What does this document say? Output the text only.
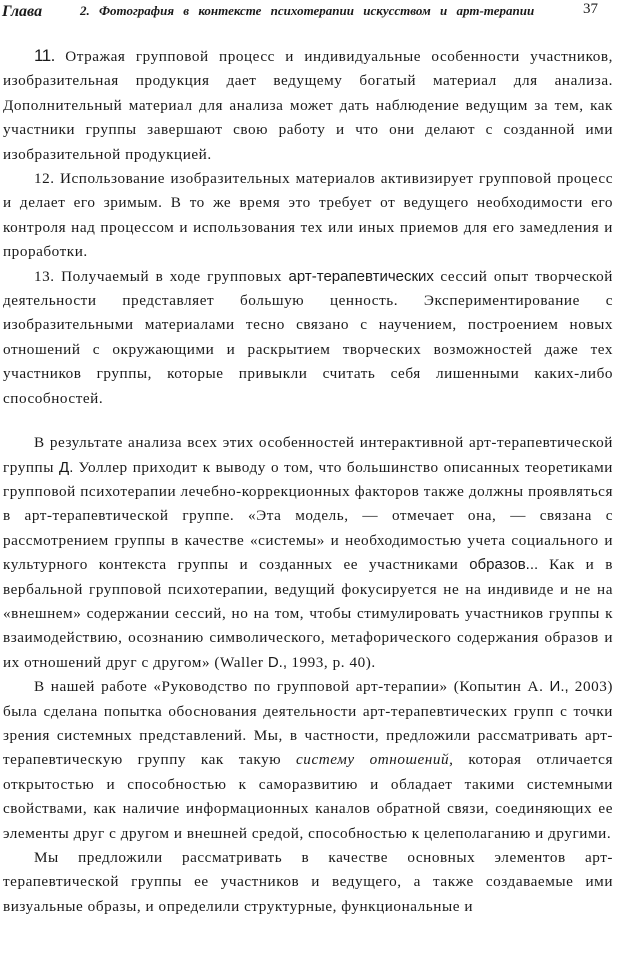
Глава	2. Фотография в контексте психотерапии искусством и арт-терапии	37

11. Отражая групповой процесс и индивидуальные особенности участников, изобразительная продукция дает ведущему богатый материал для анализа. Дополнительный материал для анализа может дать наблюдение ведущим за тем, как участники группы завершают свою работу и что они делают с созданной ими изобразительной продукцией.

12. Использование изобразительных материалов активизирует групповой процесс и делает его зримым. В то же время это требует от ведущего необходимости его контроля над процессом и использования тех или иных приемов для его замедления и проработки.

13. Получаемый в ходе групповых арт-терапевтических сессий опыт творческой деятельности представляет большую ценность. Экспериментирование с изобразительными материалами тесно связано с научением, построением новых отношений с окружающими и раскрытием творческих возможностей даже тех участников группы, которые привыкли считать себя лишенными каких-либо способностей.

В результате анализа всех этих особенностей интерактивной арт-терапевтической группы Д. Уоллер приходит к выводу о том, что большинство описанных теоретиками групповой психотерапии лечебно-коррекционных факторов также должны проявляться в арт-терапевтической группе. «Эта модель, — отмечает она, — связана с рассмотрением группы в качестве «системы» и необходимостью учета социального и культурного контекста группы и созданных ее участниками образов... Как и в вербальной групповой психотерапии, ведущий фокусируется не на индивиде и не на «внешнем» содержании сессий, но на том, чтобы стимулировать участников группы к взаимодействию, осознанию символического, метафорического содержания образов и их отношений друг с другом» (Waller D., 1993, p. 40).

В нашей работе «Руководство по групповой арт-терапии» (Копытин А. И., 2003) была сделана попытка обоснования деятельности арт-терапевтических групп с точки зрения системных представлений. Мы, в частности, предложили рассматривать арт-терапевтическую группу как такую систему отношений, которая отличается открытостью и способностью к саморазвитию и обладает такими системными свойствами, как наличие информационных каналов обратной связи, соединяющих ее элементы друг с другом и внешней средой, способностью к целеполаганию и другими.

Мы предложили рассматривать в качестве основных элементов арт-терапевтической группы ее участников и ведущего, а также создаваемые ими визуальные образы, и определили структурные, функциональные и
